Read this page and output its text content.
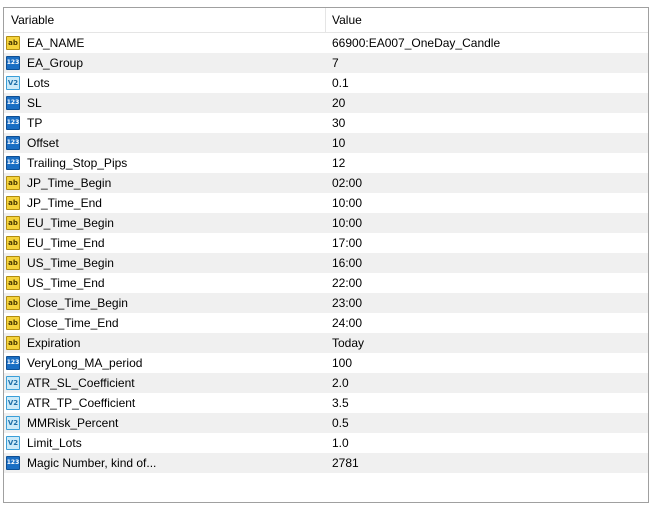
Variable	Value
ab EA_NAME	66900:EA007_OneDay_Candle
123 EA_Group	7
V2 Lots	0.1
123 SL	20
123 TP	30
123 Offset	10
123 Trailing_Stop_Pips	12
ab JP_Time_Begin	02:00
ab JP_Time_End	10:00
ab EU_Time_Begin	10:00
ab EU_Time_End	17:00
ab US_Time_Begin	16:00
ab US_Time_End	22:00
ab Close_Time_Begin	23:00
ab Close_Time_End	24:00
ab Expiration	Today
123 VeryLong_MA_period	100
V2 ATR_SL_Coefficient	2.0
V2 ATR_TP_Coefficient	3.5
V2 MMRisk_Percent	0.5
V2 Limit_Lots	1.0
123 Magic Number, kind of...	2781
